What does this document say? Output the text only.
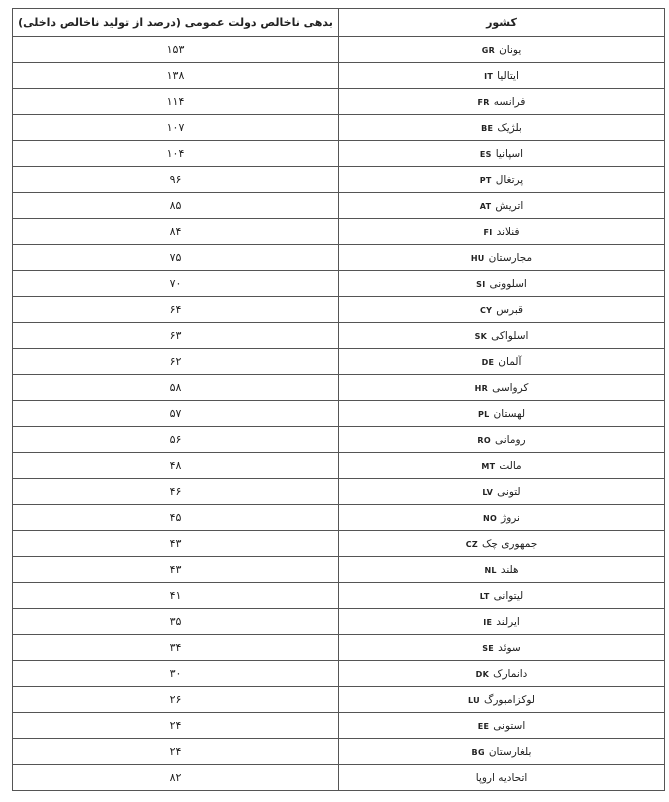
کشور	بدهی ناخالص دولت عمومی (درصد از تولید ناخالص داخلی)
یونانGR	۱۵۳
ایتالیاIT	۱۳۸
فرانسهFR	۱۱۴
بلژیکBE	۱۰۷
اسپانیاES	۱۰۴
پرتغالPT	۹۶
اتریشAT	۸۵
فنلاندFI	۸۴
مجارستانHU	۷۵
اسلوونیSI	۷۰
قبرسCY	۶۴
اسلواکیSK	۶۳
آلمانDE	۶۲
کرواسیHR	۵۸
لهستانPL	۵۷
رومانیRO	۵۶
مالتMT	۴۸
لتونیLV	۴۶
نروژNO	۴۵
جمهوری چکCZ	۴۳
هلندNL	۴۳
لیتوانیLT	۴۱
ایرلندIE	۳۵
سوئدSE	۳۴
دانمارکDK	۳۰
لوکزامبورگLU	۲۶
استونیEE	۲۴
بلغارستانBG	۲۴
اتحادیه اروپا	۸۲
